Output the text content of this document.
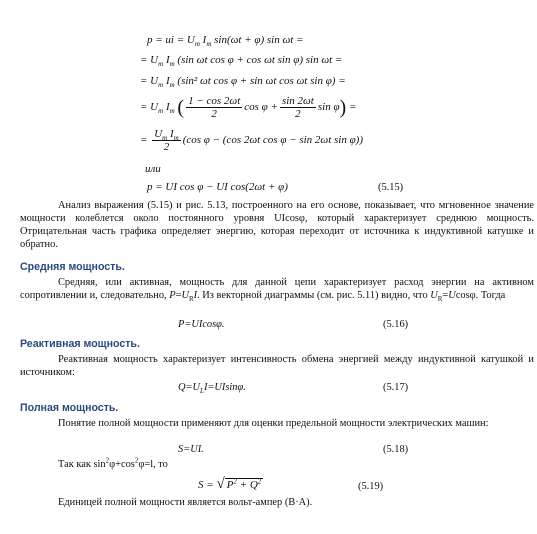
p = ui = $U_m$ $I_m$ sin(ωt + φ) sin ωt =
= $U_m$ $I_m$ (sin ωt cos φ + cos ωt sin φ) sin ωt =
= $U_m$ $I_m$ (sin² ωt cos φ + sin ωt cos ωt sin φ) =
= $U_m$ $I_m$ ( $\frac{1 - \cos 2\omega t}{2}$ $\cos \varphi + \frac{\sin 2\omega t}{2}$ sin φ) =
= $\frac{U_m I_m}{2} (\cos$ φ − (cos 2ωt cos φ − sin 2ωt sin φ))
или
p = UI cos φ − UI cos(2ωt + φ)	(5.15)
Анализ выражения (5.15) и рис. 5.13, построенного на его основе, показывает, что мгновенное значение мощности колеблется около постоянного уровня UIcosφ, который характеризует среднюю мощность. Отрицательная часть графика определяет энергию, которая переходит от источника к индуктивной катушке и обратно.
Средняя мощность.
Средняя, или активная, мощность для данной цепи характеризует расход энергии на активном сопротивлении и, следовательно, $P=U_RI$. Из векторной диаграммы (см. рис. 5.11) видно, что $U_R=Ucos\varphi$. Тогда
P=UIcosφ.	(5.16)
Реактивная мощность.
Реактивная мощность характеризует интенсивность обмена энергией между индуктивной катушкой и источником:
$Q=U_LI=UIsin\varphi$.	(5.17)
Полная мощность.
Понятие полной мощности применяют для оценки предельной мощности электрических машин:
S=UI.	(5.18)
Так как $\sin^2\varphi+\cos^2\varphi=l$, то
S = √ $P^2 + Q^2$	(5.19)
Единицей полной мощности является вольт-ампер (В·А).
